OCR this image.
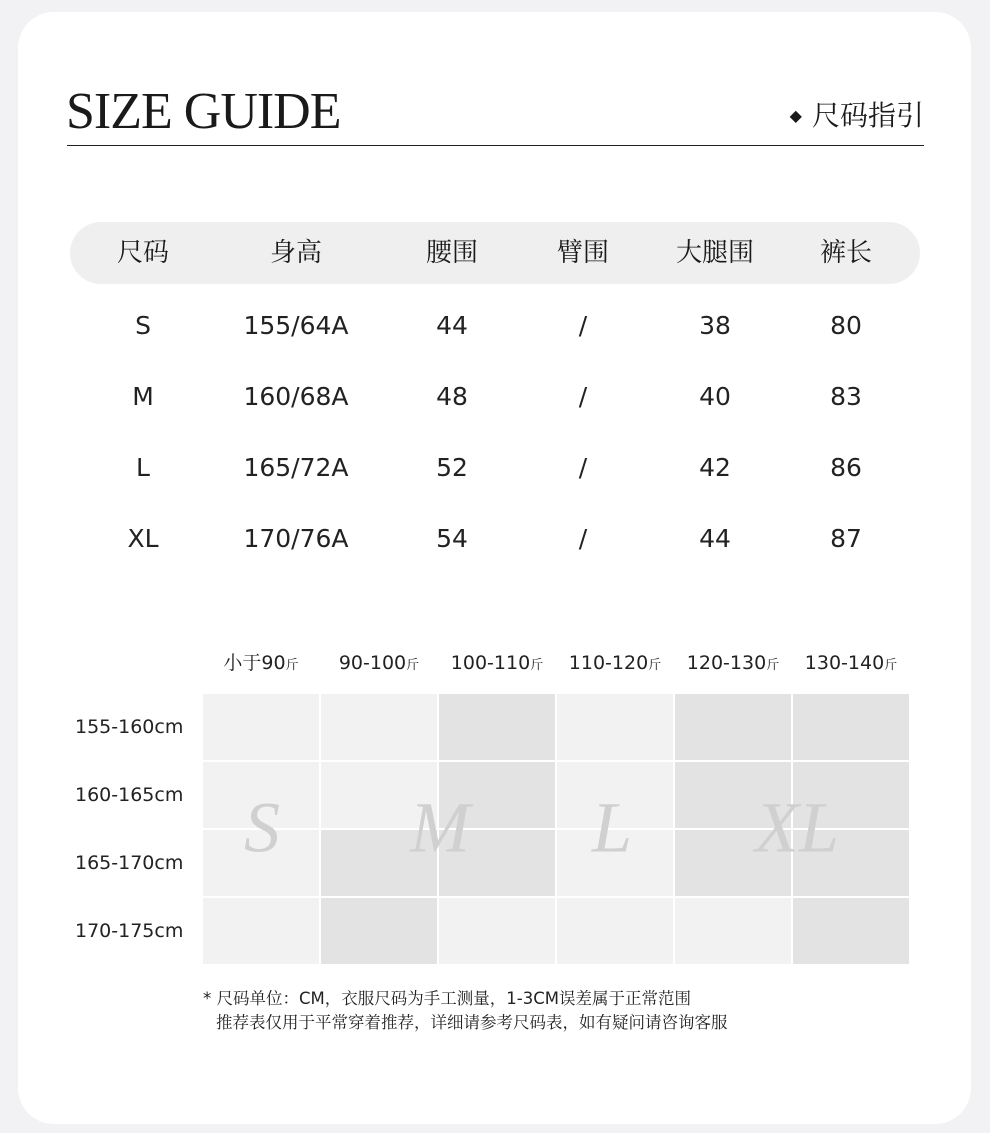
SIZE GUIDE	◆ 尺码指引
尺码	身高	腰围	臂围	大腿围	裤长
S	155/64A	44	/	38	80
M	160/68A	48	/	40	83
L	165/72A	52	/	42	86
XL	170/76A	54	/	44	87
小于90斤 90-100斤 100-110斤 110-120斤 120-130斤 130-140斤
155-160cm
160-165cm
165-170cm
170-175cm
S M L XL
* 尺码单位：CM，衣服尺码为手工测量，1-3CM误差属于正常范围
推荐表仅用于平常穿着推荐，详细请参考尺码表，如有疑问请咨询客服
